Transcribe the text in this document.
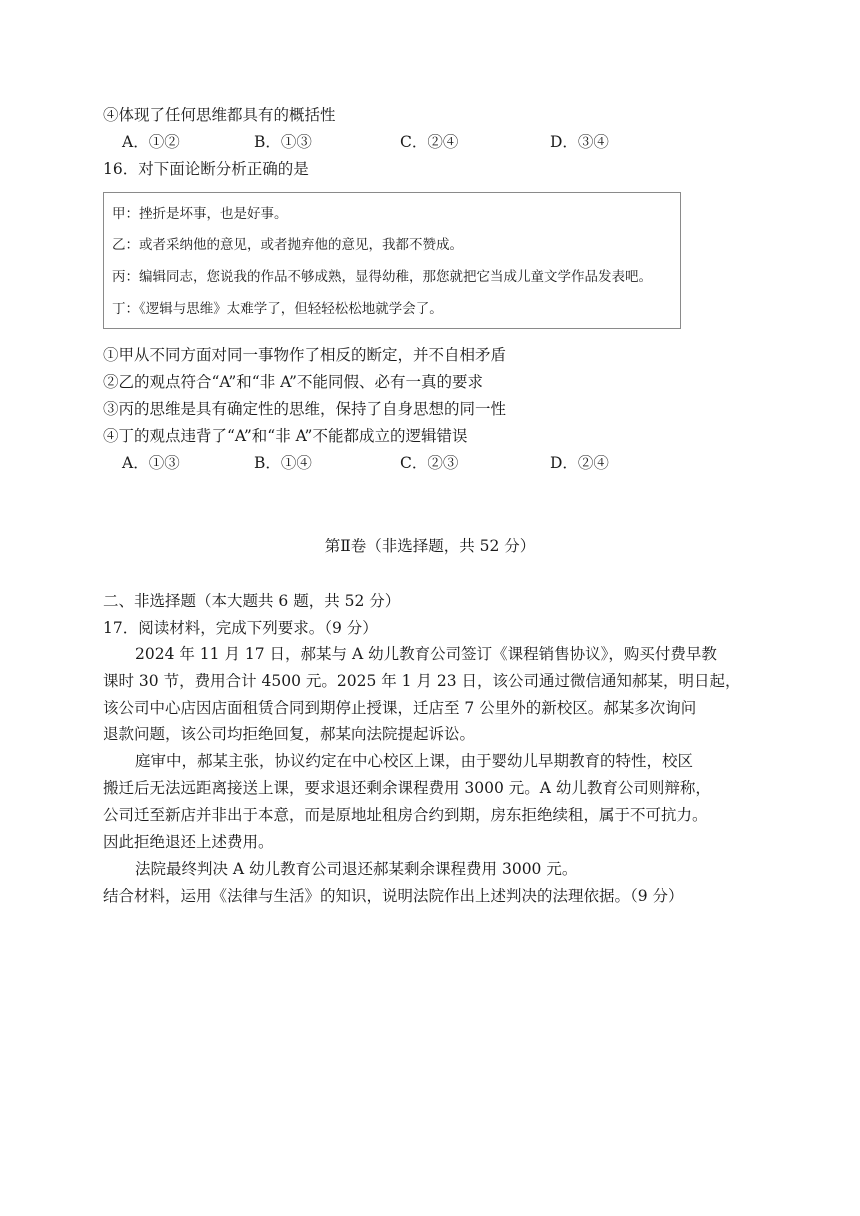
④体现了任何思维都具有的概括性
A．①②	B．①③	C．②④	D．③④
16．对下面论断分析正确的是
甲：挫折是坏事，也是好事。
乙：或者采纳他的意见，或者抛弃他的意见，我都不赞成。
丙：编辑同志，您说我的作品不够成熟，显得幼稚，那您就把它当成儿童文学作品发表吧。
丁：《逻辑与思维》太难学了，但轻轻松松地就学会了。
①甲从不同方面对同一事物作了相反的断定，并不自相矛盾
②乙的观点符合“A”和“非 A”不能同假、必有一真的要求
③丙的思维是具有确定性的思维，保持了自身思想的同一性
④丁的观点违背了“A”和“非 A”不能都成立的逻辑错误
A．①③	B．①④	C．②③	D．②④
第Ⅱ卷（非选择题，共 52 分）
二、非选择题（本大题共 6 题，共 52 分）
17．阅读材料，完成下列要求。（9 分）
2024 年 11 月 17 日，郝某与 A 幼儿教育公司签订《课程销售协议》，购买付费早教
课时 30 节，费用合计 4500 元。2025 年 1 月 23 日，该公司通过微信通知郝某，明日起，
该公司中心店因店面租赁合同到期停止授课，迁店至 7 公里外的新校区。郝某多次询问
退款问题，该公司均拒绝回复，郝某向法院提起诉讼。
庭审中，郝某主张，协议约定在中心校区上课，由于婴幼儿早期教育的特性，校区
搬迁后无法远距离接送上课，要求退还剩余课程费用 3000 元。A 幼儿教育公司则辩称，
公司迁至新店并非出于本意，而是原地址租房合约到期，房东拒绝续租，属于不可抗力。
因此拒绝退还上述费用。
法院最终判决 A 幼儿教育公司退还郝某剩余课程费用 3000 元。
结合材料，运用《法律与生活》的知识，说明法院作出上述判决的法理依据。（9 分）
